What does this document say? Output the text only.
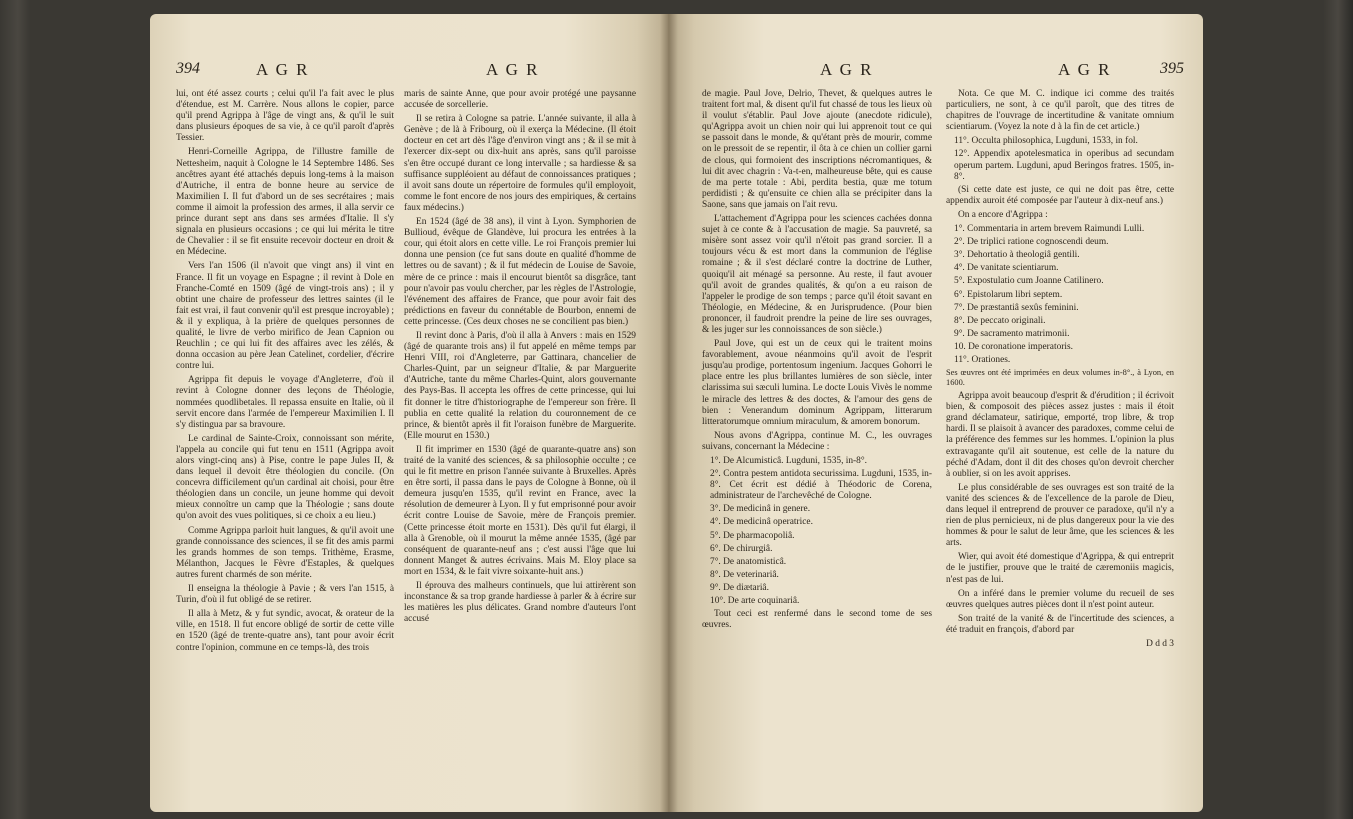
394	A G R	A G R

lui, ont été assez courts ; celui qu'il l'a fait avec le plus d'étendue, est M. Carrère. Nous allons le copier, parce qu'il prend Agrippa à l'âge de vingt ans, & qu'il le suit dans plusieurs époques de sa vie, à ce qu'il paroît d'après Tessier.

Henri-Corneille Agrippa, de l'illustre famille de Nettesheim, naquit à Cologne le 14 Septembre 1486. Ses ancêtres ayant été attachés depuis long-tems à la maison d'Autriche, il entra de bonne heure au service de Maximilien I. Il fut d'abord un de ses secrétaires ; mais comme il aimoit la profession des armes, il alla servir ce prince durant sept ans dans ses armées d'Italie. Il s'y signala en plusieurs occasions ; ce qui lui mérita le titre de Chevalier : il se fit ensuite recevoir docteur en droit & en Médecine.

Vers l'an 1506 (il n'avoit que vingt ans) il vint en France. Il fit un voyage en Espagne ; il revint à Dole en Franche-Comté en 1509 (âgé de vingt-trois ans) ; il y obtint une chaire de professeur des lettres saintes (il le fait est vrai, il faut convenir qu'il est presque incroyable) ; & il y expliqua, à la prière de quelques personnes de qualité, le livre de verbo mirifico de Jean Capnion ou Reuchlin ; ce qui lui fit des affaires avec les zélés, & donna occasion au père Jean Catelinet, cordelier, d'écrire contre lui.

Agrippa fit depuis le voyage d'Angleterre, d'où il revint à Cologne donner des leçons de Théologie, nommées quodlibetales. Il repassa ensuite en Italie, où il servit encore dans l'armée de l'empereur Maximilien I. Il s'y distingua par sa bravoure.

Le cardinal de Sainte-Croix, connoissant son mérite, l'appela au concile qui fut tenu en 1511 (Agrippa avoit alors vingt-cinq ans) à Pise, contre le pape Jules II, & dans lequel il devoit être théologien du concile. (On concevra difficilement qu'un cardinal ait choisi, pour être théologien dans un concile, un jeune homme qui devoit mieux connoître un camp que la Théologie ; sans doute qu'on avoit des vues politiques, si ce choix a eu lieu.)

Comme Agrippa parloit huit langues, & qu'il avoit une grande connoissance des sciences, il se fit des amis parmi les grands hommes de son temps. Trithème, Erasme, Mélanthon, Jacques le Fèvre d'Estaples, & quelques autres furent charmés de son mérite.

Il enseigna la théologie à Pavie ; & vers l'an 1515, à Turin, d'où il fut obligé de se retirer.

Il alla à Metz, & y fut syndic, avocat, & orateur de la ville, en 1518. Il fut encore obligé de sortir de cette ville en 1520 (âgé de trente-quatre ans), tant pour avoir écrit contre l'opinion, commune en ce temps-là, des trois

maris de sainte Anne, que pour avoir protégé une paysanne accusée de sorcellerie.

Il se retira à Cologne sa patrie. L'année suivante, il alla à Genève ; de là à Fribourg, où il exerça la Médecine. (Il étoit docteur en cet art dès l'âge d'environ vingt ans ; & il se mit à l'exercer dix-sept ou dix-huit ans après, sans qu'il paroisse s'en être occupé durant ce long intervalle ; sa hardiesse & sa suffisance suppléoient au défaut de connoissances pratiques ; il avoit sans doute un répertoire de formules qu'il employoit, comme le font encore de nos jours des empiriques, & certains faux médecins.)

En 1524 (âgé de 38 ans), il vint à Lyon. Symphorien de Bullioud, évêque de Glandève, lui procura les entrées à la cour, qui étoit alors en cette ville. Le roi François premier lui donna une pension (ce fut sans doute en qualité d'homme de lettres ou de savant) ; & il fut médecin de Louise de Savoie, mère de ce prince : mais il encourut bientôt sa disgrâce, tant pour n'avoir pas voulu chercher, par les règles de l'Astrologie, l'événement des affaires de France, que pour avoir fait des prédictions en faveur du connétable de Bourbon, ennemi de cette princesse. (Ces deux choses ne se concilient pas bien.)

Il revint donc à Paris, d'où il alla à Anvers : mais en 1529 (âgé de quarante trois ans) il fut appelé en même temps par Henri VIII, roi d'Angleterre, par Gattinara, chancelier de Charles-Quint, par un seigneur d'Italie, & par Marguerite d'Autriche, tante du même Charles-Quint, alors gouvernante des Pays-Bas. Il accepta les offres de cette princesse, qui lui fit donner le titre d'historiographe de l'empereur son frère. Il publia en cette qualité la relation du couronnement de ce prince, & bientôt après il fit l'oraison funèbre de Marguerite. (Elle mourut en 1530.)

Il fit imprimer en 1530 (âgé de quarante-quatre ans) son traité de la vanité des sciences, & sa philosophie occulte ; ce qui le fit mettre en prison l'année suivante à Bruxelles. Après en être sorti, il passa dans le pays de Cologne à Bonne, où il demeura jusqu'en 1535, qu'il revint en France, avec la résolution de demeurer à Lyon. Il y fut emprisonné pour avoir écrit contre Louise de Savoie, mère de François premier. (Cette princesse étoit morte en 1531). Dès qu'il fut élargi, il alla à Grenoble, où il mourut la même année 1535, (âgé par conséquent de quarante-neuf ans ; c'est aussi l'âge que lui donnent Manget & autres écrivains. Mais M. Eloy place sa mort en 1534, & le fait vivre soixante-huit ans.)

Il éprouva des malheurs continuels, que lui attirèrent son inconstance & sa trop grande hardiesse à parler & à écrire sur les matières les plus délicates. Grand nombre d'auteurs l'ont accusé

A G R	A G R	395

de magie. Paul Jove, Delrio, Thevet, & quelques autres le traitent fort mal, & disent qu'il fut chassé de tous les lieux où il voulut s'établir. Paul Jove ajoute (anecdote ridicule), qu'Agrippa avoit un chien noir qui lui apprenoit tout ce qui se passoit dans le monde, & qu'étant près de mourir, comme on le pressoit de se repentir, il ôta à ce chien un collier garni de clous, qui formoient des inscriptions nécromantiques, & lui dit avec chagrin : Va-t-en, malheureuse bête, qui es cause de ma perte totale : Abi, perdita bestia, quæ me totum perdidisti ; & qu'ensuite ce chien alla se précipiter dans la Saone, sans que jamais on l'ait revu.

L'attachement d'Agrippa pour les sciences cachées donna sujet à ce conte & à l'accusation de magie. Sa pauvreté, sa misère sont assez voir qu'il n'étoit pas grand sorcier. Il a toujours vécu & est mort dans la communion de l'église romaine ; & il s'est déclaré contre la doctrine de Luther, quoiqu'il ait ménagé sa personne. Au reste, il faut avouer qu'il avoit de grandes qualités, & qu'on a eu raison de l'appeler le prodige de son temps ; parce qu'il étoit savant en Théologie, en Médecine, & en Jurisprudence. (Pour bien prononcer, il faudroit prendre la peine de lire ses ouvrages, & les juger sur les connoissances de son siècle.)

Paul Jove, qui est un de ceux qui le traitent moins favorablement, avoue néanmoins qu'il avoit de l'esprit jusqu'au prodige, portentosum ingenium. Jacques Gohorri le place entre les plus brillantes lumières de son siècle, inter clarissima sui sæculi lumina. Le docte Louis Vivès le nomme le miracle des lettres & des doctes, & l'amour des gens de bien : Venerandum dominum Agrippam, litterarum litteratorumque omnium miraculum, & amorem bonorum.

Nous avons d'Agrippa, continue M. C., les ouvrages suivans, concernant la Médecine :

1°. De Alcumisticâ. Lugduni, 1535, in-8°.

2°. Contra pestem antidota securissima. Lugduni, 1535, in-8°. Cet écrit est dédié à Théodoric de Corena, administrateur de l'archevêché de Cologne.

3°. De medicinâ in genere.

4°. De medicinâ operatrice.

5°. De pharmacopoliâ.

6°. De chirurgiâ.

7°. De anatomisticâ.

8°. De veterinariâ.

9°. De diætariâ.

10°. De arte coquinariâ.

Tout ceci est renfermé dans le second tome de ses œuvres.

Nota. Ce que M. C. indique ici comme des traités particuliers, ne sont, à ce qu'il paroît, que des titres de chapitres de l'ouvrage de incertitudine & vanitate omnium scientiarum. (Voyez la note d à la fin de cet article.)

11°. Occulta philosophica, Lugduni, 1533, in fol.

12°. Appendix apotelesmatica in operibus ad secundam operum partem. Lugduni, apud Beringos fratres. 1505, in-8°.

(Si cette date est juste, ce qui ne doit pas être, cette appendix auroit été composée par l'auteur à dix-neuf ans.)

On a encore d'Agrippa :

1°. Commentaria in artem brevem Raimundi Lulli.

2°. De triplici ratione cognoscendi deum.

3°. Dehortatio à theologiâ gentili.

4°. De vanitate scientiarum.

5°. Expostulatio cum Joanne Catilinero.

6°. Epistolarum libri septem.

7°. De præstantiâ sexûs feminini.

8°. De peccato originali.

9°. De sacramento matrimonii.

10. De coronatione imperatoris.

11°. Orationes.

Ses œuvres ont été imprimées en deux volumes in-8°., à Lyon, en 1600.

Agrippa avoit beaucoup d'esprit & d'érudition ; il écrivoit bien, & composoit des pièces assez justes : mais il étoit grand déclamateur, satirique, emporté, trop libre, & trop hardi. Il se plaisoit à avancer des paradoxes, comme celui de la préférence des femmes sur les hommes. L'opinion la plus extravagante qu'il ait soutenue, est celle de la nature du péché d'Adam, dont il dit des choses qu'on devroit chercher à oublier, si on les avoit apprises.

Le plus considérable de ses ouvrages est son traité de la vanité des sciences & de l'excellence de la parole de Dieu, dans lequel il entreprend de prouver ce paradoxe, qu'il n'y a rien de plus pernicieux, ni de plus dangereux pour la vie des hommes & pour le salut de leur âme, que les sciences & les arts.

Wier, qui avoit été domestique d'Agrippa, & qui entreprit de le justifier, prouve que le traité de cæremoniis magicis, n'est pas de lui.

On a inféré dans le premier volume du recueil de ses œuvres quelques autres pièces dont il n'est point auteur.

Son traité de la vanité & de l'incertitude des sciences, a été traduit en françois, d'abord par

D d d 3
